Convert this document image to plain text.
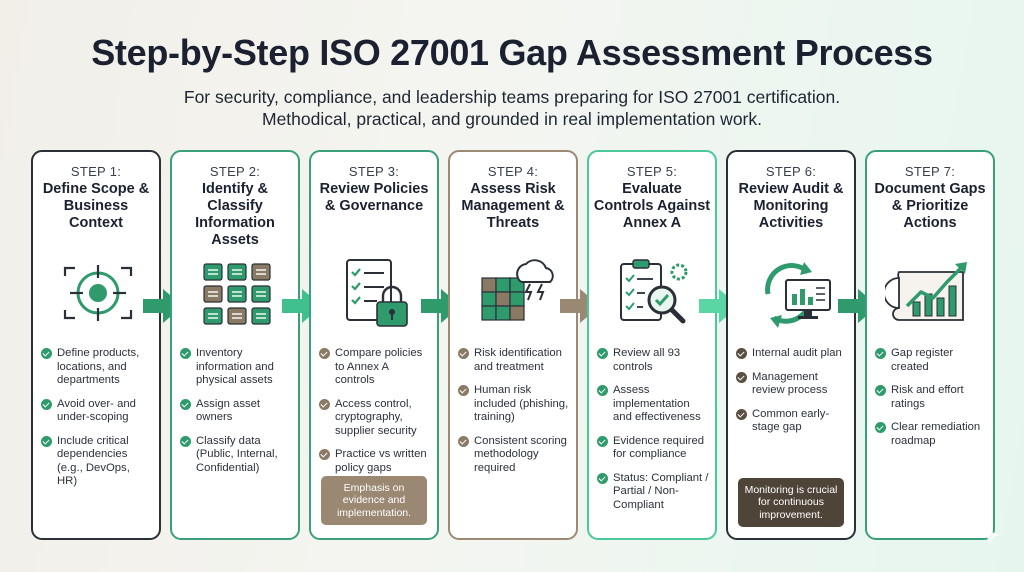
Step-by-Step ISO 27001 Gap Assessment Process
For security, compliance, and leadership teams preparing for ISO 27001 certification.
Methodical, practical, and grounded in real implementation work.
STEP 1:
Define Scope & Business Context
Define products, locations, and departments
Avoid over- and under-scoping
Include critical dependencies (e.g., DevOps, HR)
STEP 2:
Identify & Classify Information Assets
Inventory information and physical assets
Assign asset owners
Classify data (Public, Internal, Confidential)
STEP 3:
Review Policies & Governance
Compare policies to Annex A controls
Access control, cryptography, supplier security
Practice vs written policy gaps
Emphasis on evidence and implementation.
STEP 4:
Assess Risk Management & Threats
Risk identification and treatment
Human risk included (phishing, training)
Consistent scoring methodology required
STEP 5:
Evaluate Controls Against Annex A
Review all 93 controls
Assess implementation and effectiveness
Evidence required for compliance
Status: Compliant / Partial / Non-Compliant
STEP 6:
Review Audit & Monitoring Activities
Internal audit plan
Management review process
Common early-stage gap
Monitoring is crucial for continuous improvement.
STEP 7:
Document Gaps & Prioritize Actions
Gap register created
Risk and effort ratings
Clear remediation roadmap
